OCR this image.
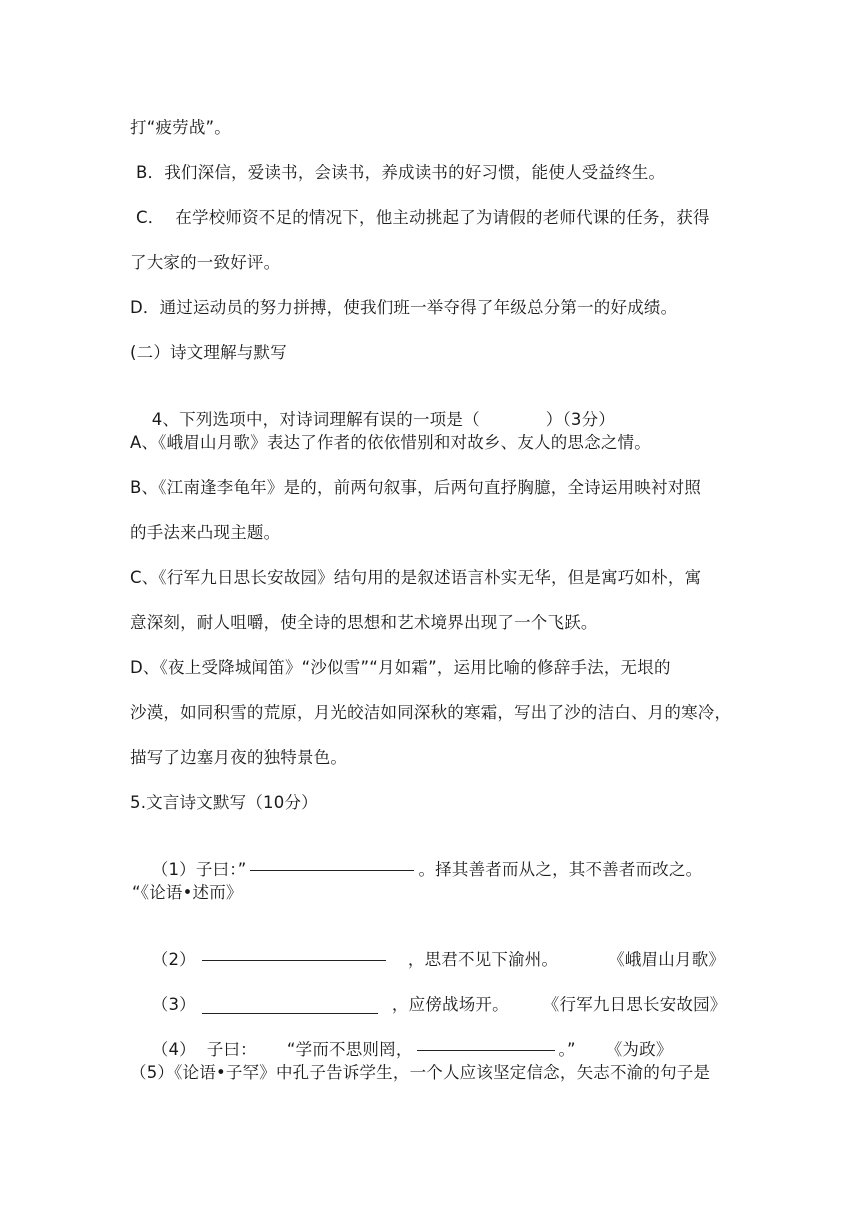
打“疲劳战”。
B．我们深信，爱读书，会读书，养成读书的好习惯，能使人受益终生。
C．  在学校师资不足的情况下，他主动挑起了为请假的老师代课的任务，获得
了大家的一致好评。
D．通过运动员的努力拼搏，使我们班一举夺得了年级总分第一的好成绩。
(二）诗文理解与默写

4、下列选项中，对诗词理解有误的一项是（	）（3分）

A、《峨眉山月歌》表达了作者的依依惜别和对故乡、友人的思念之情。
B、《江南逢李龟年》是的，前两句叙事，后两句直抒胸臆，全诗运用映衬对照
的手法来凸现主题。
C、《行军九日思长安故园》结句用的是叙述语言朴实无华，但是寓巧如朴，寓
意深刻，耐人咀嚼，使全诗的思想和艺术境界出现了一个飞跃。
D、《夜上受降城闻笛》“沙似雪”“月如霜”，运用比喻的修辞手法，无垠的
沙漠，如同积雪的荒原，月光皎洁如同深秋的寒霜，写出了沙的洁白、月的寒冷，
描写了边塞月夜的独特景色。
5.文言诗文默写（10分）

（1）子曰：”	。择其善者而从之，其不善者而改之。

“《论语•述而》

（2）	，思君不见下渝州。	《峨眉山月歌》

（3）	，应傍战场开。 《行军九日思长安故园》

（4）  子曰： “学而不思则罔，	。” 《为政》

（5）《论语•子罕》中孔子告诉学生，一个人应该坚定信念，矢志不渝的句子是
